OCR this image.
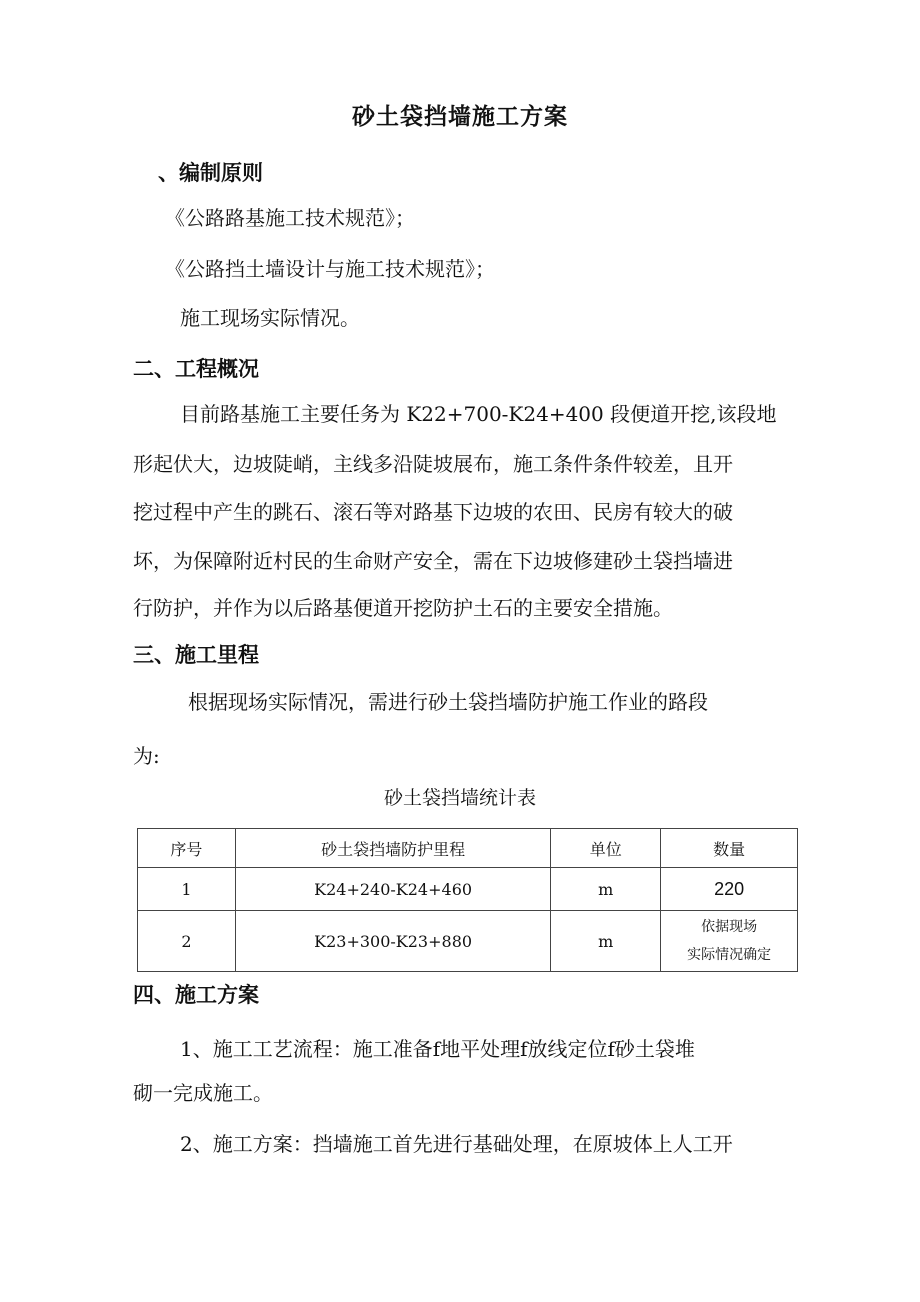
砂土袋挡墙施工方案
、编制原则
《公路路基施工技术规范》；
《公路挡土墙设计与施工技术规范》；
施工现场实际情况。
二、工程概况
目前路基施工主要任务为 K22+700-K24+400 段便道开挖,该段地
形起伏大，边坡陡峭，主线多沿陡坡展布，施工条件条件较差，且开
挖过程中产生的跳石、滚石等对路基下边坡的农田、民房有较大的破
坏，为保障附近村民的生命财产安全，需在下边坡修建砂土袋挡墙进
行防护，并作为以后路基便道开挖防护土石的主要安全措施。
三、施工里程
根据现场实际情况，需进行砂土袋挡墙防护施工作业的路段
为:
砂土袋挡墙统计表
序号	砂土袋挡墙防护里程	单位	数量
1	K24+240-K24+460	m	220
2	K23+300-K23+880	m	依据现场
实际情况确定
四、施工方案
1、施工工艺流程：施工准备f地平处理f放线定位f砂土袋堆
砌一完成施工。
2、施工方案：挡墙施工首先进行基础处理，在原坡体上人工开
